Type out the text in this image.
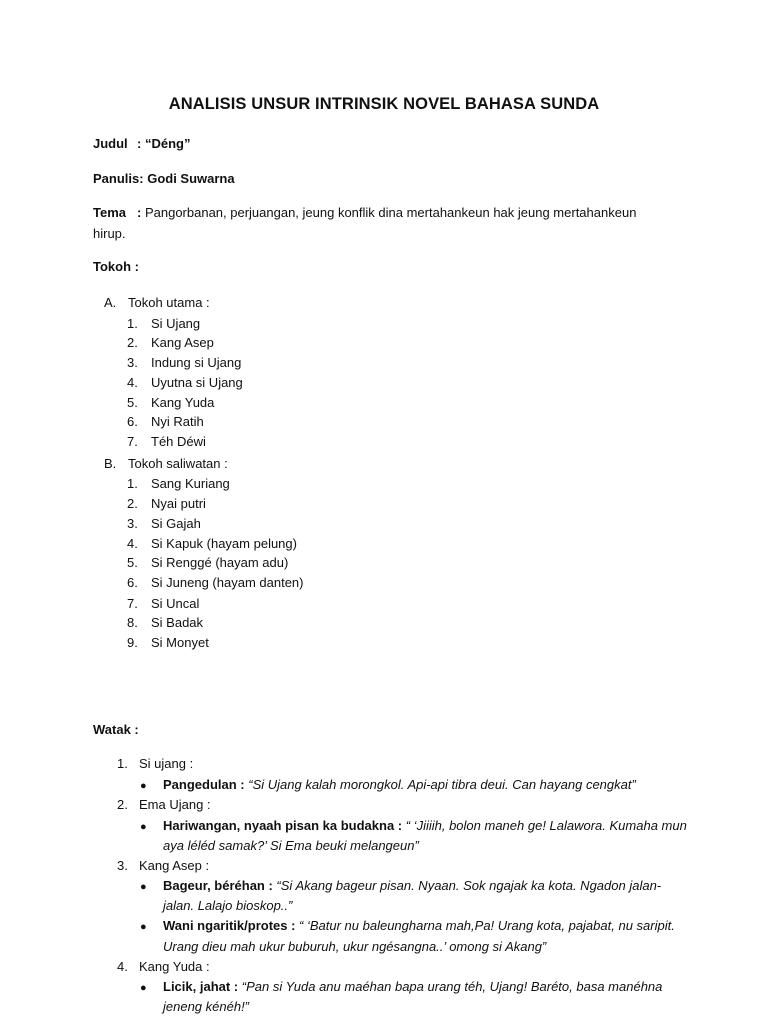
ANALISIS UNSUR INTRINSIK NOVEL BAHASA SUNDA
Judul : “Déng”
Panulis: Godi Suwarna
Tema : Pangorbanan, perjuangan, jeung konflik dina mertahankeun hak jeung mertahankeun
hirup.
Tokoh :
A. Tokoh utama :
1. Si Ujang
2. Kang Asep
3. Indung si Ujang
4. Uyutna si Ujang
5. Kang Yuda
6. Nyi Ratih
7. Téh Déwi
B. Tokoh saliwatan :
1. Sang Kuriang
2. Nyai putri
3. Si Gajah
4. Si Kapuk (hayam pelung)
5. Si Renggé (hayam adu)
6. Si Juneng (hayam danten)
7. Si Uncal
8. Si Badak
9. Si Monyet
Watak :
1. Si ujang :
● Pangedulan : “Si Ujang kalah morongkol. Api-api tibra deui. Can hayang cengkat”
2. Ema Ujang :
● Hariwangan, nyaah pisan ka budakna : “ ‘Jiiiih, bolon maneh ge! Lalawora. Kumaha mun
aya léléd samak?’ Si Ema beuki melangeun”
3. Kang Asep :
● Bageur, béréhan : “Si Akang bageur pisan. Nyaan. Sok ngajak ka kota. Ngadon jalan-
jalan. Lalajo bioskop..”
● Wani ngaritik/protes : “ ‘Batur nu baleungharna mah,Pa! Urang kota, pajabat, nu saripit.
Urang dieu mah ukur buburuh, ukur ngésangna..’ omong si Akang”
4. Kang Yuda :
● Licik, jahat : “Pan si Yuda anu maéhan bapa urang téh, Ujang! Baréto, basa manéhna
jeneng kénéh!”
